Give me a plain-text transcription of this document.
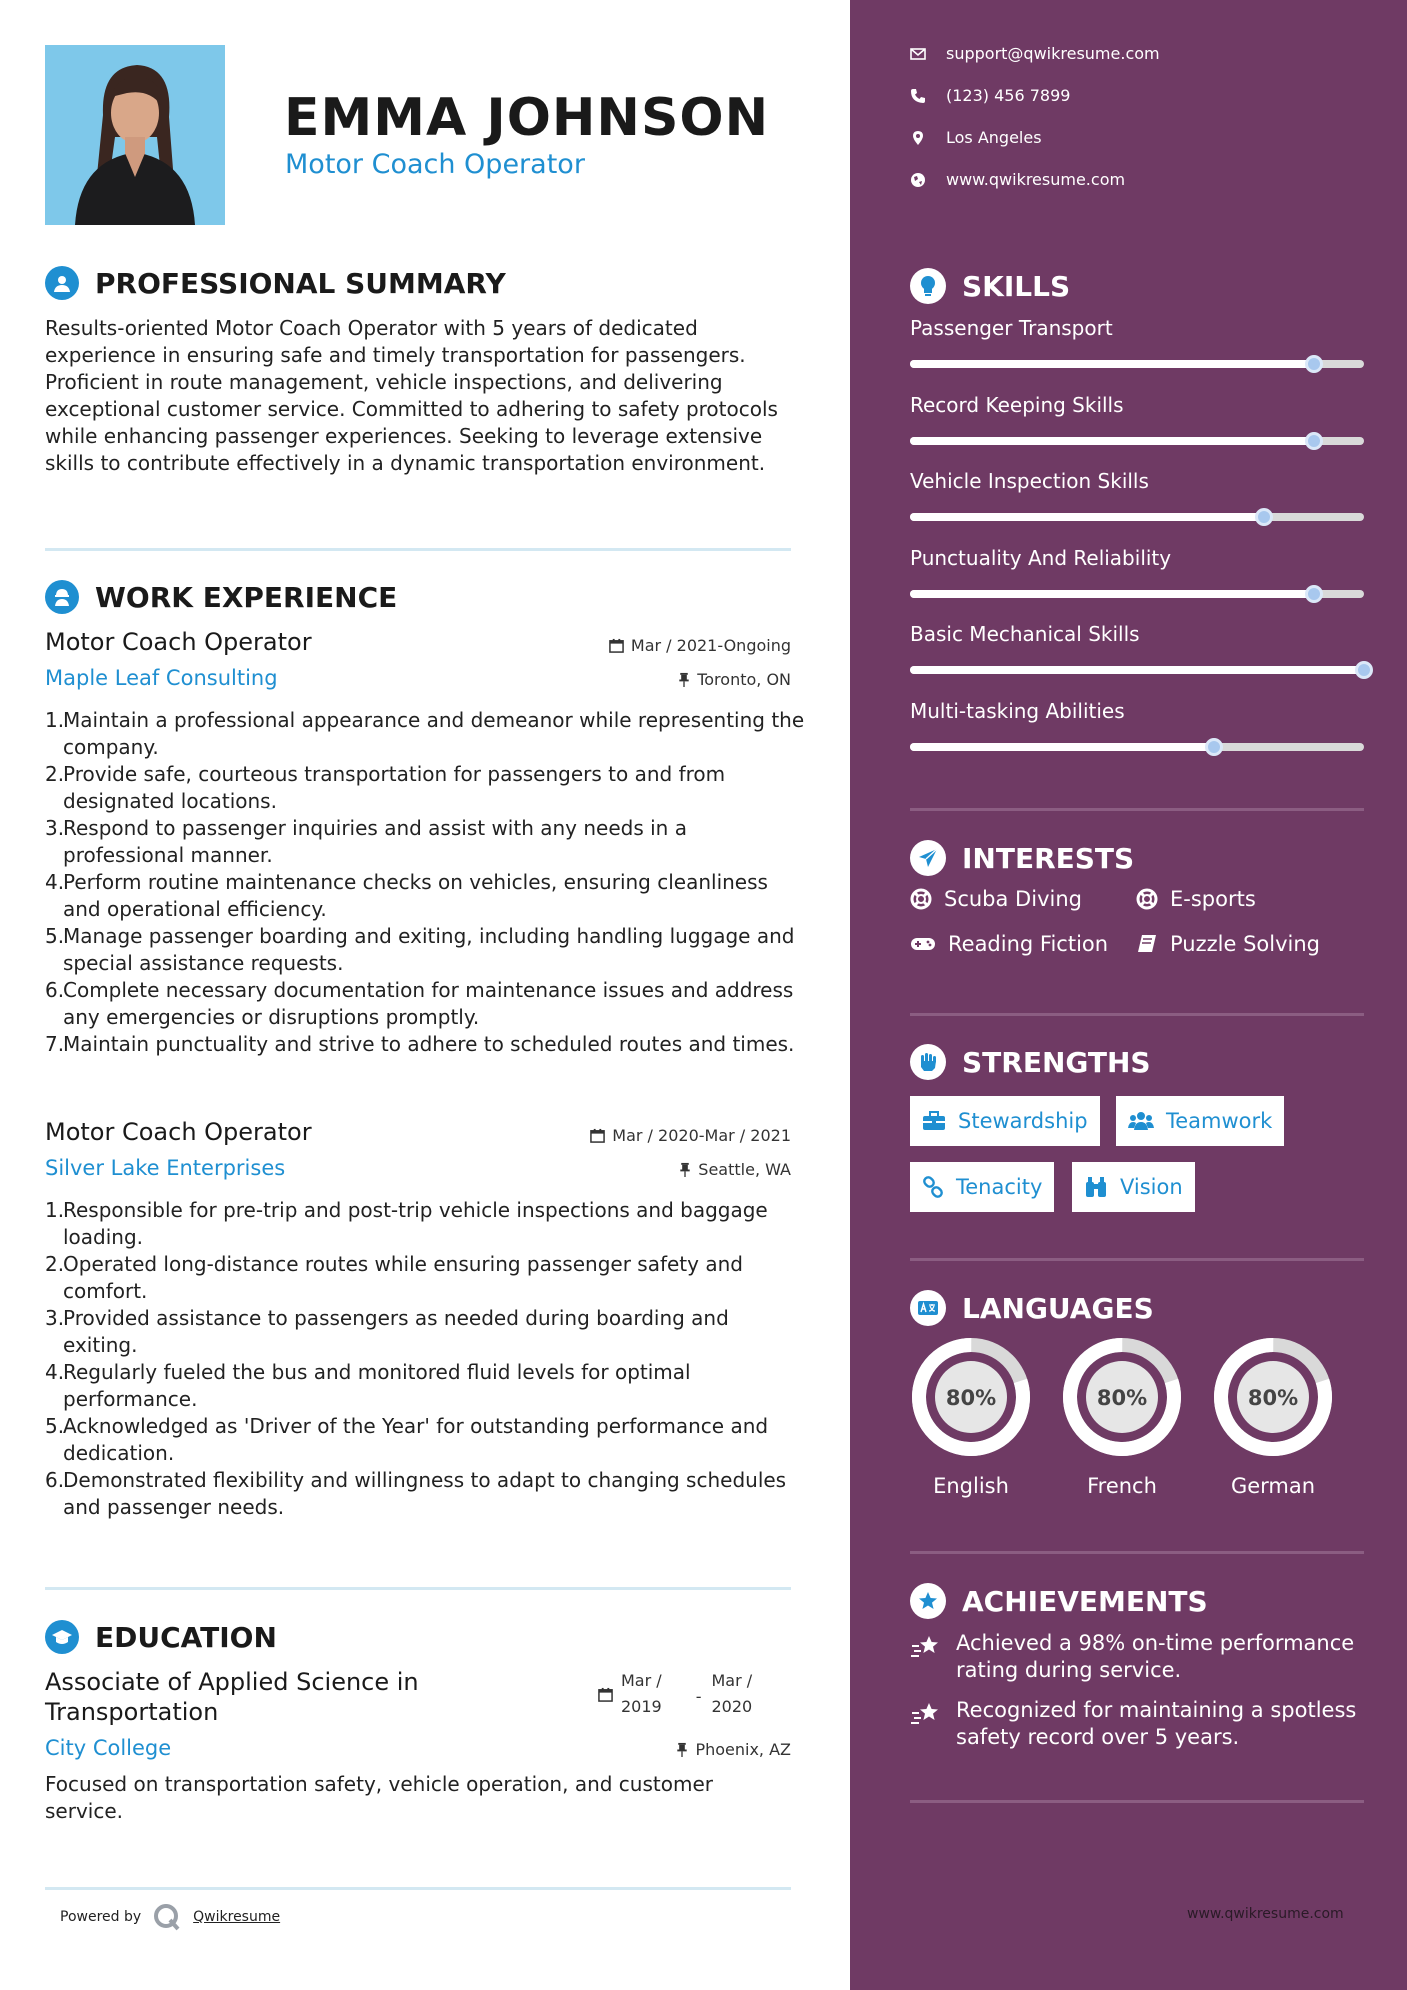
EMMA JOHNSON
Motor Coach Operator
PROFESSIONAL SUMMARY
Results-oriented Motor Coach Operator with 5 years of dedicated experience in ensuring safe and timely transportation for passengers. Proficient in route management, vehicle inspections, and delivering exceptional customer service. Committed to adhering to safety protocols while enhancing passenger experiences. Seeking to leverage extensive skills to contribute effectively in a dynamic transportation environment.
WORK EXPERIENCE
Motor Coach Operator	Mar / 2021-Ongoing
Maple Leaf Consulting	Toronto, ON
1.
Maintain a professional appearance and demeanor while representing the company.
2.
Provide safe, courteous transportation for passengers to and from designated locations.
3.
Respond to passenger inquiries and assist with any needs in a professional manner.
4.
Perform routine maintenance checks on vehicles, ensuring cleanliness and operational efficiency.
5.
Manage passenger boarding and exiting, including handling luggage and special assistance requests.
6.
Complete necessary documentation for maintenance issues and address any emergencies or disruptions promptly.
7.
Maintain punctuality and strive to adhere to scheduled routes and times.
Motor Coach Operator	Mar / 2020-Mar / 2021
Silver Lake Enterprises	Seattle, WA
1.
Responsible for pre-trip and post-trip vehicle inspections and baggage loading.
2.
Operated long-distance routes while ensuring passenger safety and comfort.
3.
Provided assistance to passengers as needed during boarding and exiting.
4.
Regularly fueled the bus and monitored fluid levels for optimal performance.
5.
Acknowledged as 'Driver of the Year' for outstanding performance and dedication.
6.
Demonstrated flexibility and willingness to adapt to changing schedules and passenger needs.
EDUCATION
Associate of Applied Science in
Transportation
Mar /
2019
-
Mar /
2020
City College	Phoenix, AZ
Focused on transportation safety, vehicle operation, and customer service.
Powered by	Qwikresume
support@qwikresume.com
(123) 456 7899
Los Angeles
www.qwikresume.com
SKILLS
Passenger Transport
Record Keeping Skills
Vehicle Inspection Skills
Punctuality And Reliability
Basic Mechanical Skills
Multi-tasking Abilities
INTERESTS
Scuba Diving	E-sports
Reading Fiction	Puzzle Solving
STRENGTHS
Stewardship	Teamwork
Tenacity	Vision
LANGUAGES
80%
English
80%
French
80%
German
ACHIEVEMENTS
Achieved a 98% on-time performance rating during service.
Recognized for maintaining a spotless safety record over 5 years.
www.qwikresume.com
